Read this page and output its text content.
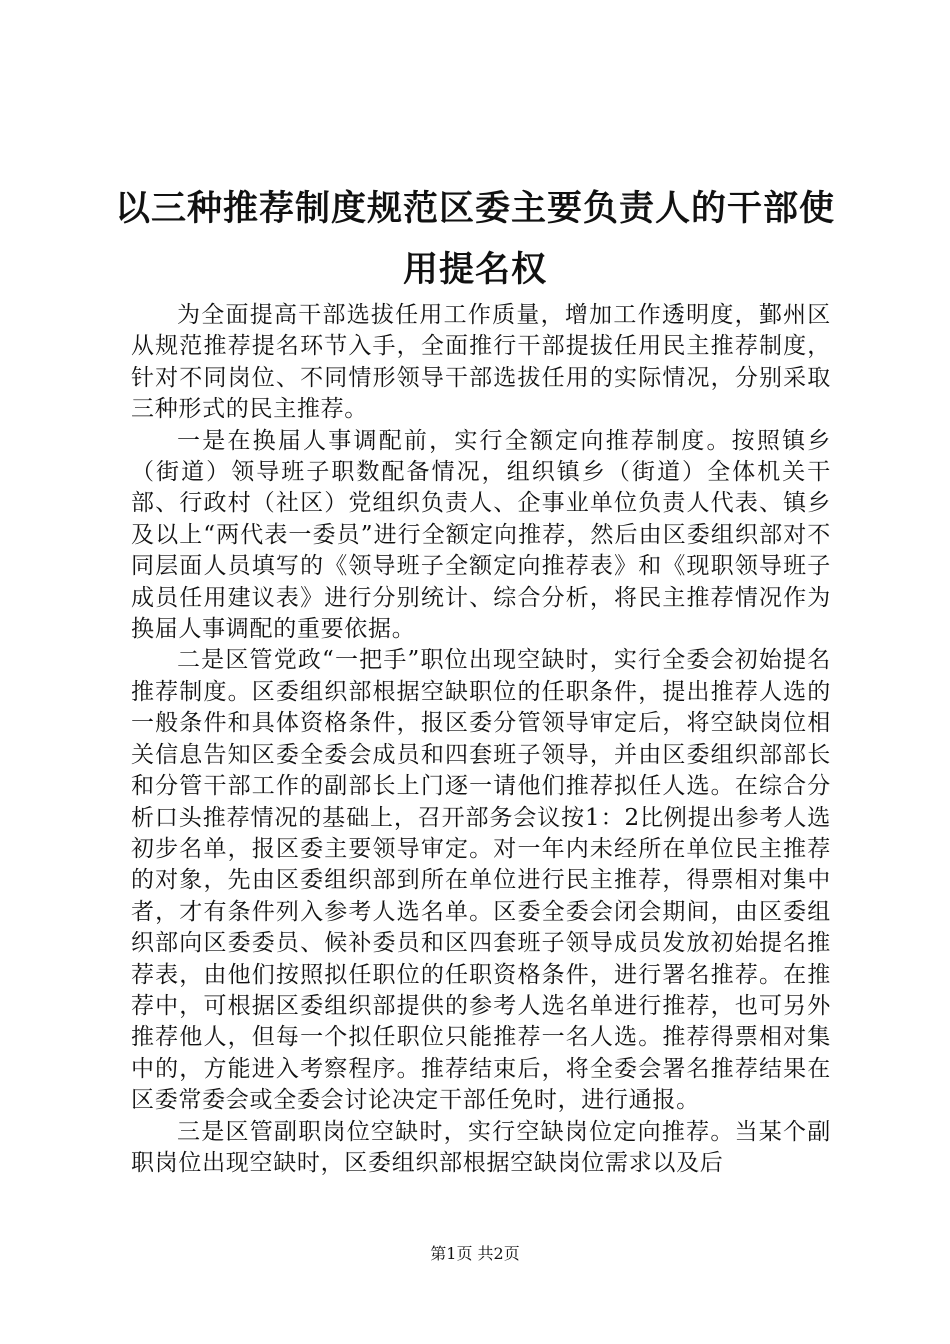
以三种推荐制度规范区委主要负责人的干部使
用提名权

为全面提高干部选拔任用工作质量，增加工作透明度，鄞州区从规范推荐提名环节入手，全面推行干部提拔任用民主推荐制度，针对不同岗位、不同情形领导干部选拔任用的实际情况，分别采取三种形式的民主推荐。

一是在换届人事调配前，实行全额定向推荐制度。按照镇乡（街道）领导班子职数配备情况，组织镇乡（街道）全体机关干部、行政村（社区）党组织负责人、企事业单位负责人代表、镇乡及以上“两代表一委员”进行全额定向推荐，然后由区委组织部对不同层面人员填写的《领导班子全额定向推荐表》和《现职领导班子成员任用建议表》进行分别统计、综合分析，将民主推荐情况作为换届人事调配的重要依据。

二是区管党政“一把手”职位出现空缺时，实行全委会初始提名推荐制度。区委组织部根据空缺职位的任职条件，提出推荐人选的一般条件和具体资格条件，报区委分管领导审定后，将空缺岗位相关信息告知区委全委会成员和四套班子领导，并由区委组织部部长和分管干部工作的副部长上门逐一请他们推荐拟任人选。在综合分析口头推荐情况的基础上，召开部务会议按1：2比例提出参考人选初步名单，报区委主要领导审定。对一年内未经所在单位民主推荐的对象，先由区委组织部到所在单位进行民主推荐，得票相对集中者，才有条件列入参考人选名单。区委全委会闭会期间，由区委组织部向区委委员、候补委员和区四套班子领导成员发放初始提名推荐表，由他们按照拟任职位的任职资格条件，进行署名推荐。在推荐中，可根据区委组织部提供的参考人选名单进行推荐，也可另外推荐他人，但每一个拟任职位只能推荐一名人选。推荐得票相对集中的，方能进入考察程序。推荐结束后，将全委会署名推荐结果在区委常委会或全委会讨论决定干部任免时，进行通报。

三是区管副职岗位空缺时，实行空缺岗位定向推荐。当某个副职岗位出现空缺时，区委组织部根据空缺岗位需求以及后

第1页 共2页
